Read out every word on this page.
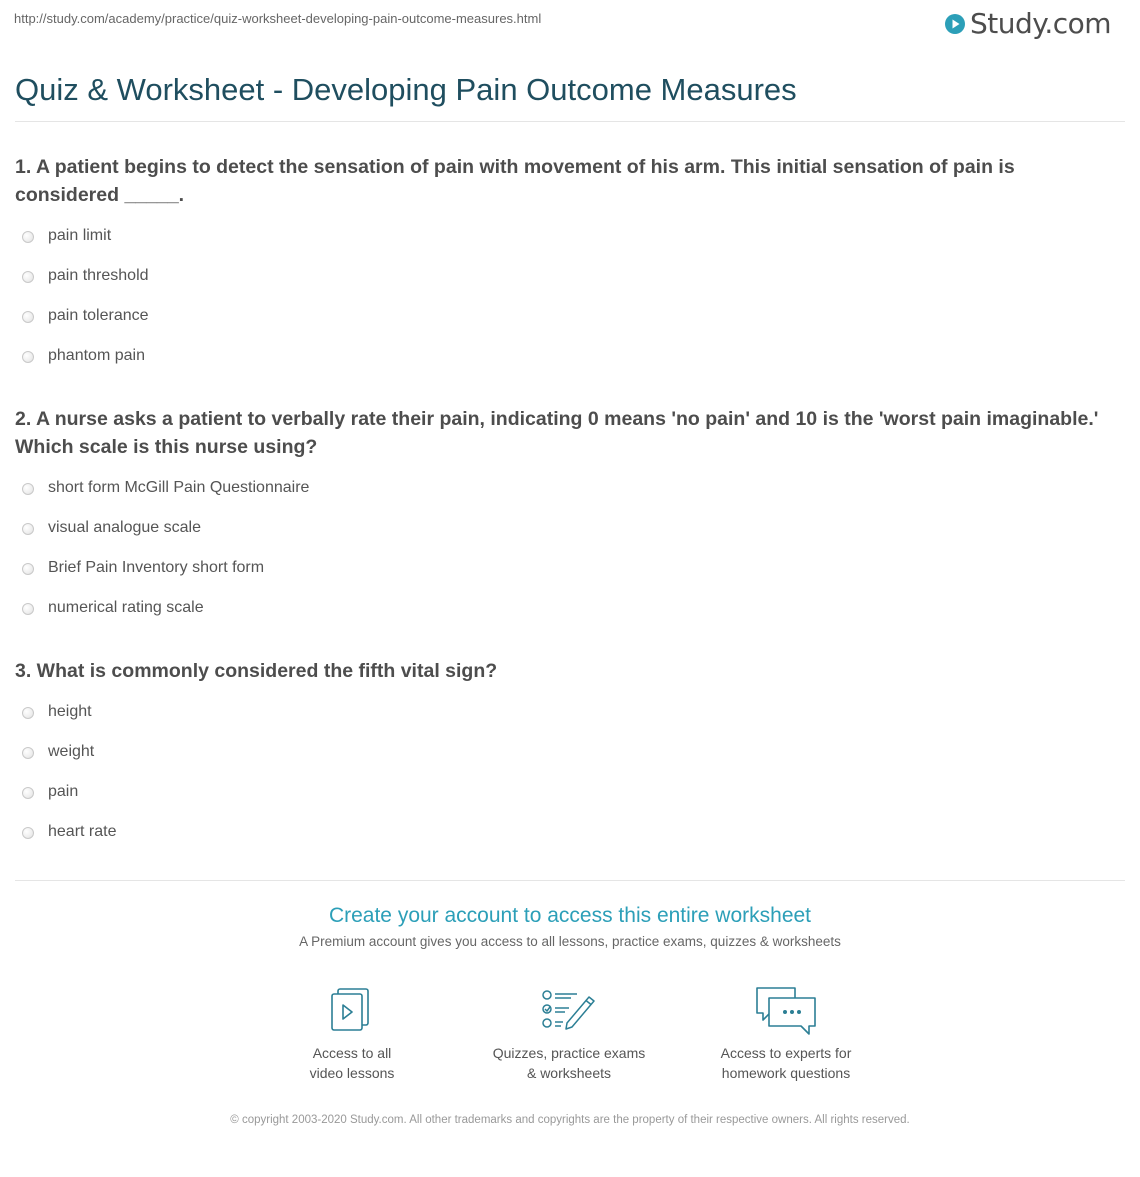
http://study.com/academy/practice/quiz-worksheet-developing-pain-outcome-measures.html	Study.com
Quiz & Worksheet - Developing Pain Outcome Measures

1. A patient begins to detect the sensation of pain with movement of his arm. This initial sensation of pain is considered _____.

pain limit
pain threshold
pain tolerance
phantom pain

2. A nurse asks a patient to verbally rate their pain, indicating 0 means 'no pain' and 10 is the 'worst pain imaginable.' Which scale is this nurse using?

short form McGill Pain Questionnaire
visual analogue scale
Brief Pain Inventory short form
numerical rating scale

3. What is commonly considered the fifth vital sign?

height
weight
pain
heart rate
Create your account to access this entire worksheet
A Premium account gives you access to all lessons, practice exams, quizzes & worksheets
Access to all
video lessons
Quizzes, practice exams
& worksheets
Access to experts for
homework questions
© copyright 2003-2020 Study.com. All other trademarks and copyrights are the property of their respective owners. All rights reserved.
